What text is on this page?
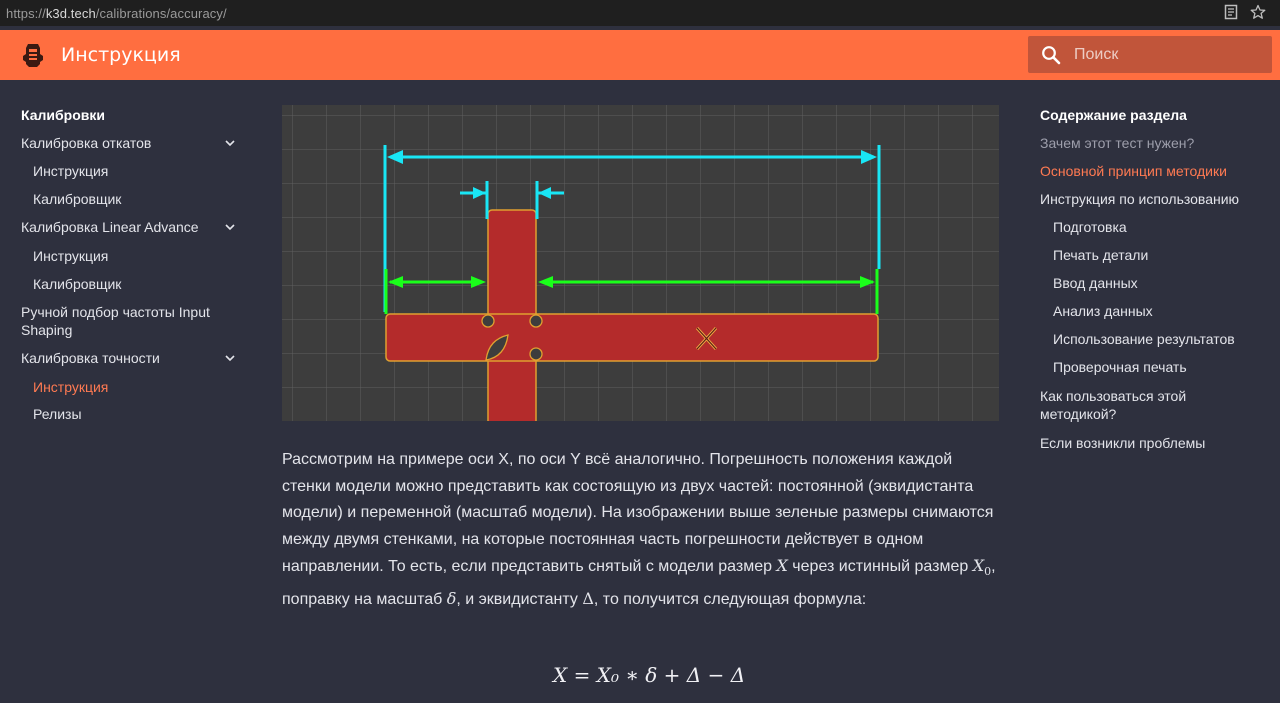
https://k3d.tech/calibrations/accuracy/
Инструкция
Поиск
Калибровки
Калибровка откатов
Инструкция
Калибровщик
Калибровка Linear Advance
Инструкция
Калибровщик
Ручной подбор частоты Input
Shaping
Калибровка точности
Инструкция
Релизы
Рассмотрим на примере оси X, по оси Y всё аналогично. Погрешность положения каждой стенки модели можно представить как состоящую из двух частей: постоянной (эквидистанта модели) и переменной (масштаб модели). На изображении выше зеленые размеры снимаются между двумя стенками, на которые постоянная часть погрешности действует в одном направлении. То есть, если представить снятый с модели размер X через истинный размер $X_0$, поправку на масштаб δ, и эквидистанту Δ, то получится следующая формула:
X = X₀ ∗ δ + Δ − Δ
Содержание раздела
Зачем этот тест нужен?
Основной принцип методики
Инструкция по использованию
Подготовка
Печать детали
Ввод данных
Анализ данных
Использование результатов
Проверочная печать
Как пользоваться этой
методикой?
Если возникли проблемы
